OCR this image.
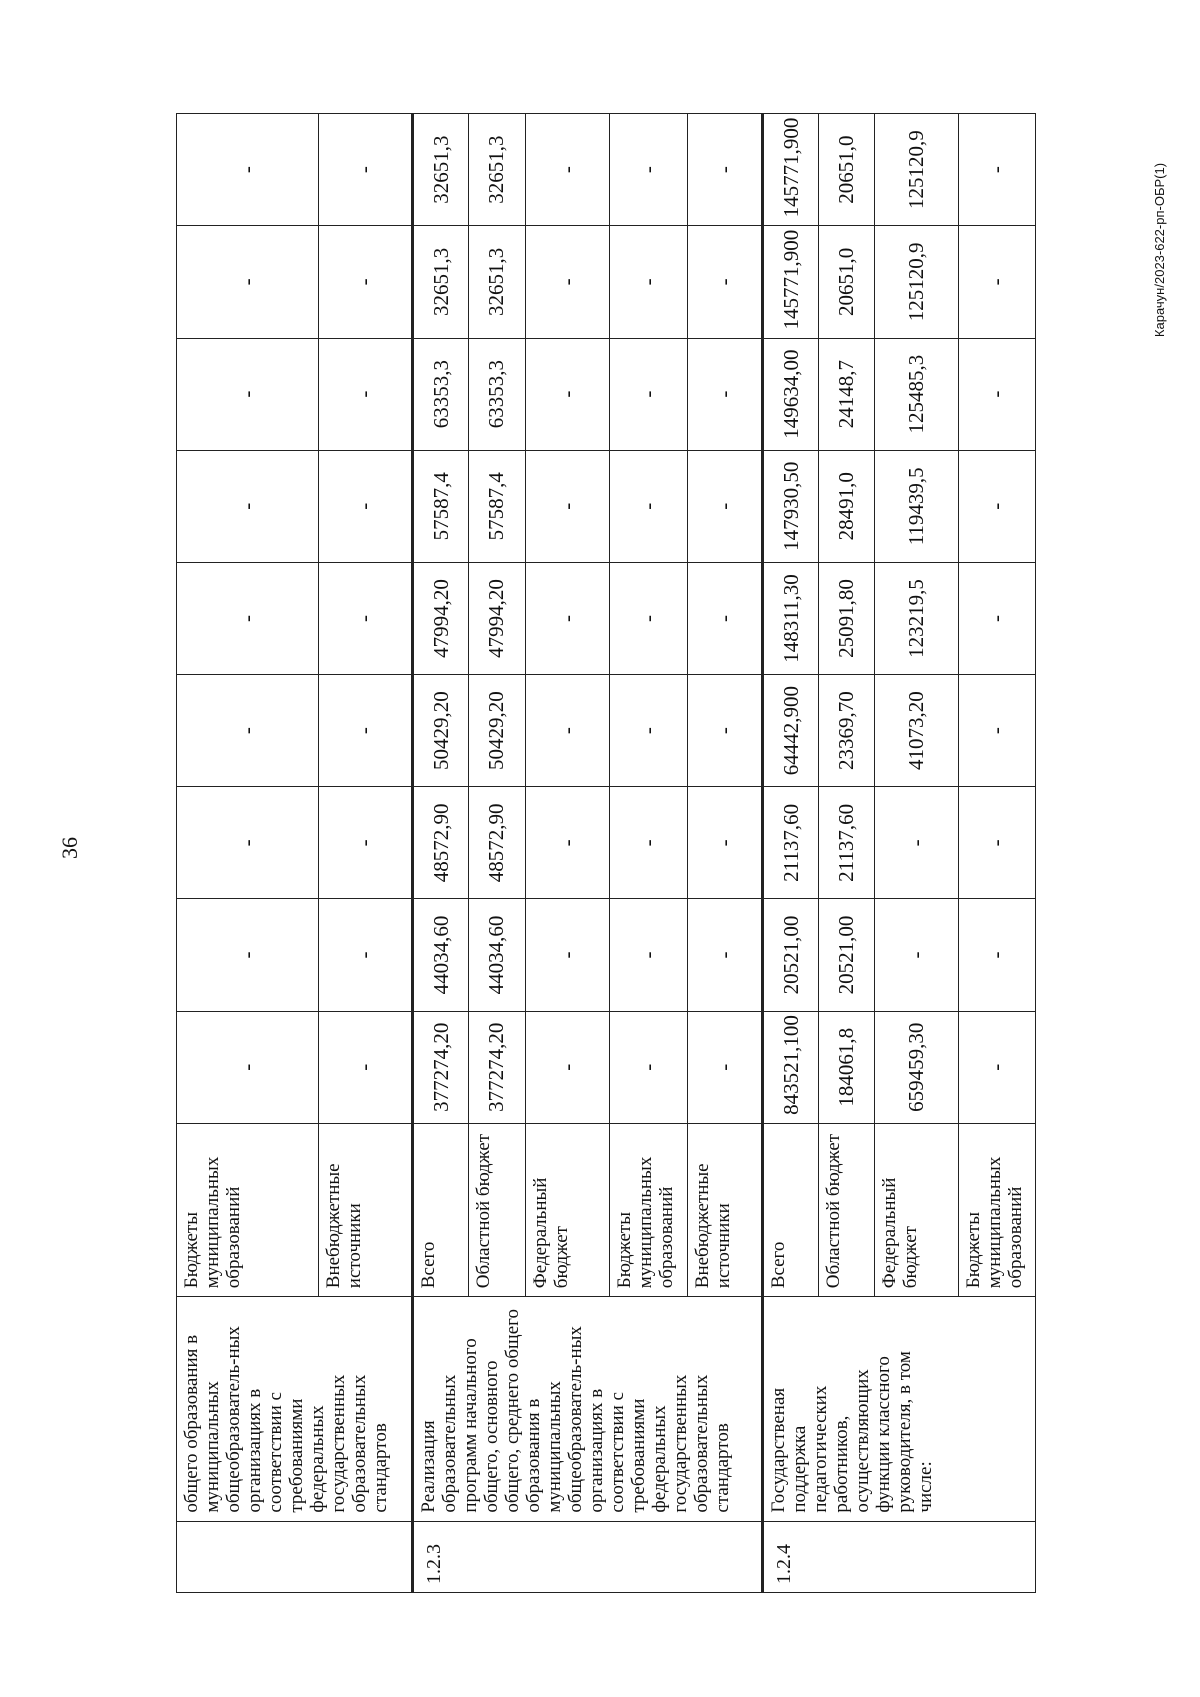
36
Карачун/2023-622-рп-ОБР(1)
	общего образования в муниципальных общеобразователь-ных организациях в соответствии с требованиями федеральных государственных образовательных стандартов	Бюджеты муниципальных образований	-	-	-	-	-	-	-	-	-
		Внебюджетные источники	-	-	-	-	-	-	-	-	-
1.2.3	Реализация образовательных программ начального общего, основного общего, среднего общего образования в муниципальных общеобразователь-ных организациях в соответствии с требованиями федеральных государственных образовательных стандартов	Всего	377274,20	44034,60	48572,90	50429,20	47994,20	57587,4	63353,3	32651,3	32651,3
		Областной бюджет	377274,20	44034,60	48572,90	50429,20	47994,20	57587,4	63353,3	32651,3	32651,3
		Федеральный бюджет	-	-	-	-	-	-	-	-	-
		Бюджеты муниципальных образований	-	-	-	-	-	-	-	-	-
		Внебюджетные источники	-	-	-	-	-	-	-	-	-
1.2.4	Государственая поддержка педагогических работников, осуществляющих функции классного руководителя, в том числе:	Всего	843521,100	20521,00	21137,60	64442,900	148311,30	147930,50	149634,00	145771,900	145771,900
		Областной бюджет	184061,8	20521,00	21137,60	23369,70	25091,80	28491,0	24148,7	20651,0	20651,0
		Федеральный бюджет	659459,30	-	-	41073,20	123219,5	119439,5	125485,3	125120,9	125120,9
		Бюджеты муниципальных образований	-	-	-	-	-	-	-	-	-
